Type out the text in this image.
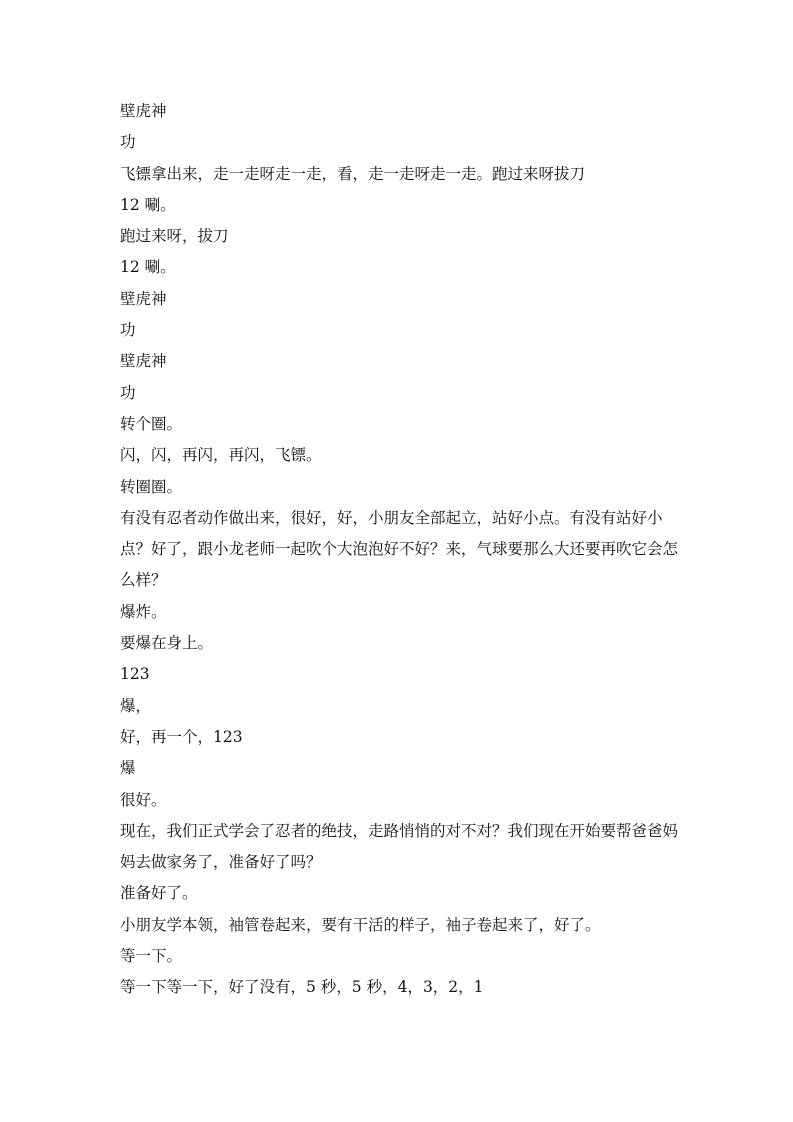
壁虎神

功

飞镖拿出来，走一走呀走一走，看，走一走呀走一走。跑过来呀拔刀

12 唰。

跑过来呀，拔刀

12 唰。

壁虎神

功

壁虎神

功

转个圈。

闪，闪，再闪，再闪，飞镖。

转圈圈。

有没有忍者动作做出来，很好，好，小朋友全部起立，站好小点。有没有站好小点？好了，跟小龙老师一起吹个大泡泡好不好？来，气球要那么大还要再吹它会怎么样？

爆炸。

要爆在身上。

123

爆，

好，再一个，123

爆

很好。

现在，我们正式学会了忍者的绝技，走路悄悄的对不对？我们现在开始要帮爸爸妈妈去做家务了，准备好了吗？

准备好了。

小朋友学本领，袖管卷起来，要有干活的样子，袖子卷起来了，好了。

等一下。

等一下等一下，好了没有，5 秒，5 秒，4，3，2，1
